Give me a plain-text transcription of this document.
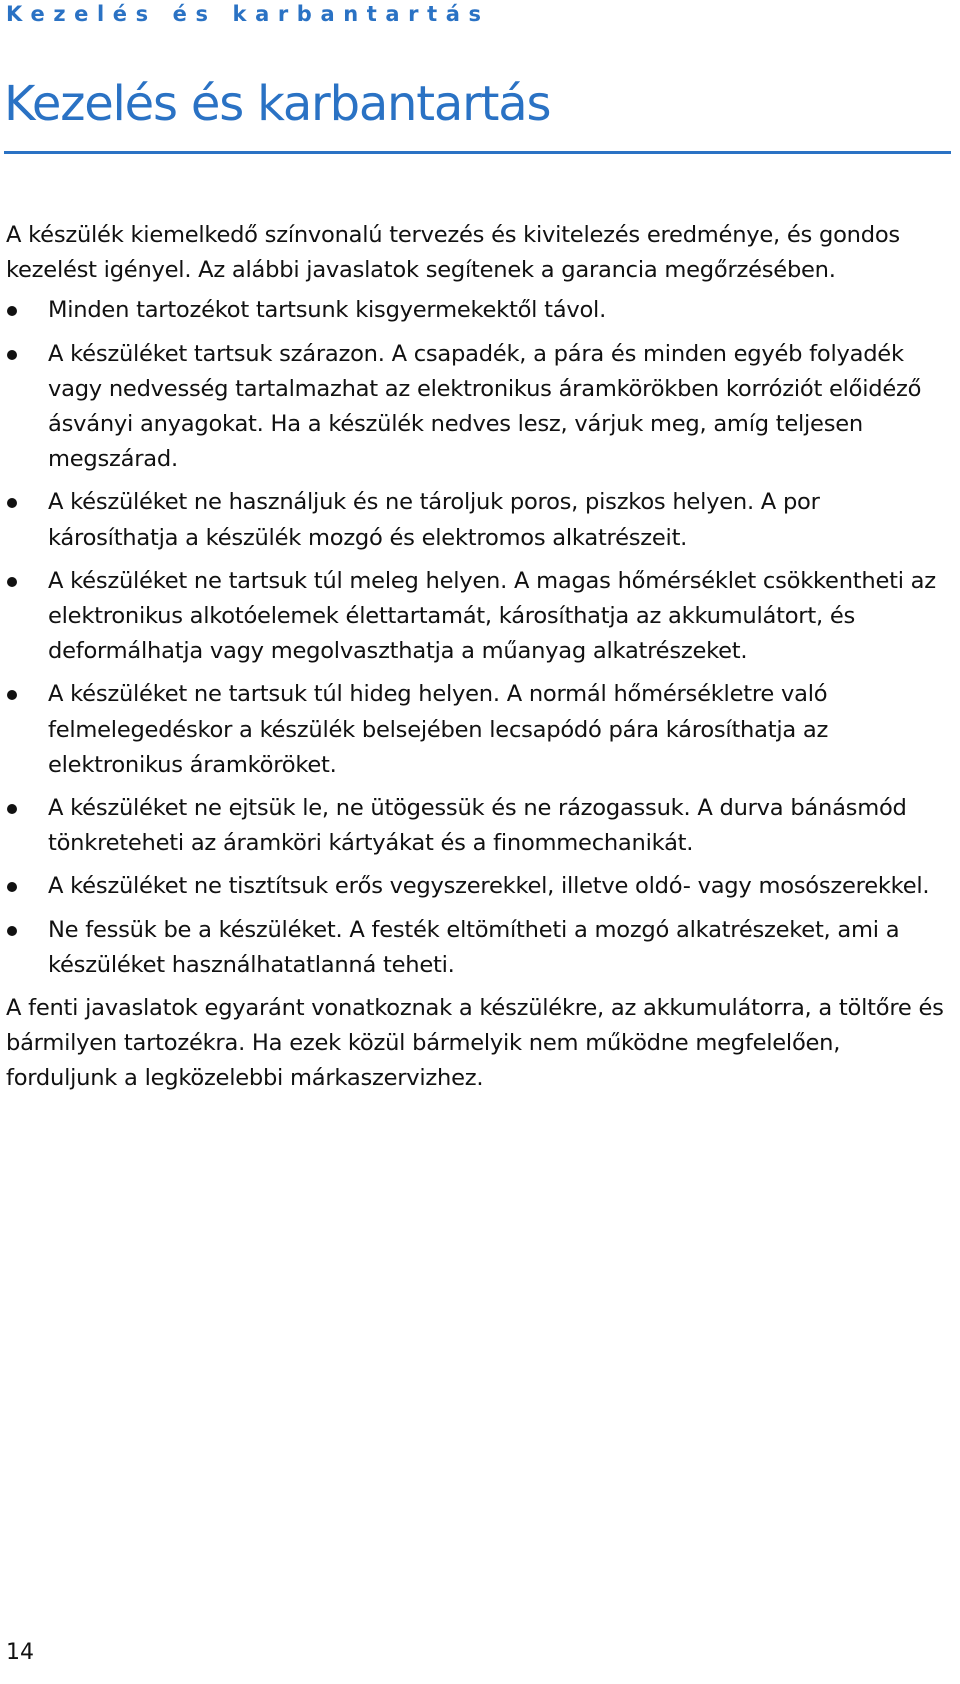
Kezelés és karbantartás
Kezelés és karbantartás

A készülék kiemelkedő színvonalú tervezés és kivitelezés eredménye, és gondos kezelést igényel. Az alábbi javaslatok segítenek a garancia megőrzésében.

Minden tartozékot tartsunk kisgyermekektől távol.
A készüléket tartsuk szárazon. A csapadék, a pára és minden egyéb folyadék vagy nedvesség tartalmazhat az elektronikus áramkörökben korróziót előidéző ásványi anyagokat. Ha a készülék nedves lesz, várjuk meg, amíg teljesen megszárad.
A készüléket ne használjuk és ne tároljuk poros, piszkos helyen. A por károsíthatja a készülék mozgó és elektromos alkatrészeit.
A készüléket ne tartsuk túl meleg helyen. A magas hőmérséklet csökkentheti az elektronikus alkotóelemek élettartamát, károsíthatja az akkumulátort, és deformálhatja vagy megolvaszthatja a műanyag alkatrészeket.
A készüléket ne tartsuk túl hideg helyen. A normál hőmérsékletre való felmelegedéskor a készülék belsejében lecsapódó pára károsíthatja az elektronikus áramköröket.
A készüléket ne ejtsük le, ne ütögessük és ne rázogassuk. A durva bánásmód tönkreteheti az áramköri kártyákat és a finommechanikát.
A készüléket ne tisztítsuk erős vegyszerekkel, illetve oldó- vagy mosószerekkel.
Ne fessük be a készüléket. A festék eltömítheti a mozgó alkatrészeket, ami a készüléket használhatatlanná teheti.

A fenti javaslatok egyaránt vonatkoznak a készülékre, az akkumulátorra, a töltőre és bármilyen tartozékra. Ha ezek közül bármelyik nem működne megfelelően, forduljunk a legközelebbi márkaszervizhez.

14
